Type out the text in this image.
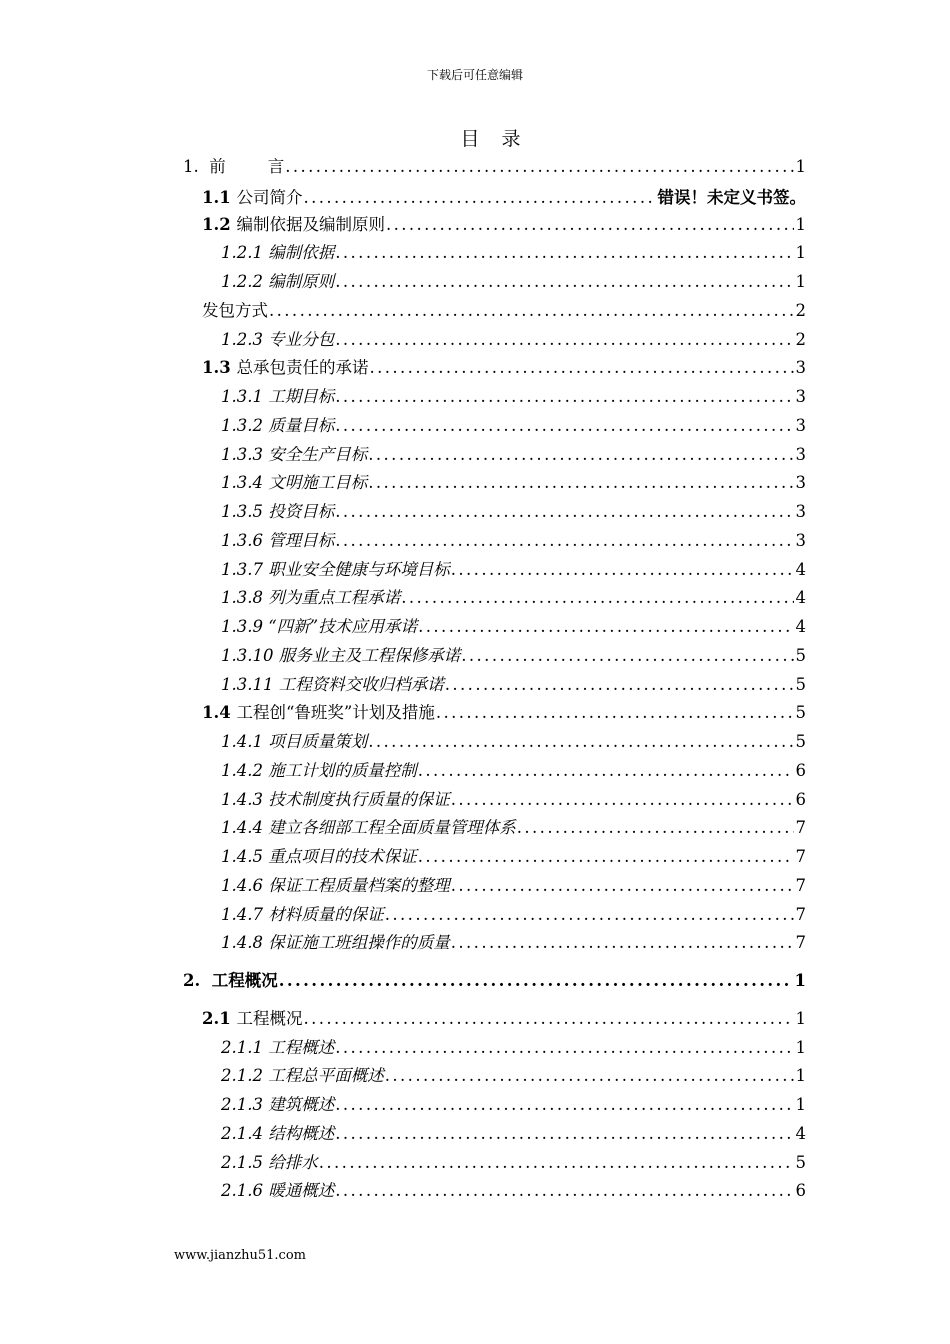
下载后可任意编辑
目录
1. 前        言 .....	1
1.1 公司简介 .....	错误！未定义书签。
1.2 编制依据及编制原则 .....	1
1.2.1 编制依据 .....	1
1.2.2 编制原则 .....	1
发包方式 .....	2
1.2.3 专业分包 .....	2
1.3 总承包责任的承诺 .....	3
1.3.1 工期目标 .....	3
1.3.2 质量目标 .....	3
1.3.3 安全生产目标 .....	3
1.3.4 文明施工目标 .....	3
1.3.5 投资目标 .....	3
1.3.6 管理目标 .....	3
1.3.7 职业安全健康与环境目标 .....	4
1.3.8 列为重点工程承诺 .....	4
1.3.9 “四新”技术应用承诺 .....	4
1.3.10 服务业主及工程保修承诺 .....	5
1.3.11 工程资料交收归档承诺 .....	5
1.4 工程创“鲁班奖”计划及措施 .....	5
1.4.1 项目质量策划 .....	5
1.4.2 施工计划的质量控制 .....	6
1.4.3 技术制度执行质量的保证 .....	6
1.4.4 建立各细部工程全面质量管理体系 .....	7
1.4.5 重点项目的技术保证 .....	7
1.4.6 保证工程质量档案的整理 .....	7
1.4.7 材料质量的保证 .....	7
1.4.8 保证施工班组操作的质量 .....	7
2. 工程概况 .....	1
2.1 工程概况 .....	1
2.1.1 工程概述 .....	1
2.1.2 工程总平面概述 .....	1
2.1.3 建筑概述 .....	1
2.1.4 结构概述 .....	4
2.1.5 给排水 .....	5
2.1.6 暖通概述 .....	6
www.jianzhu51.com
